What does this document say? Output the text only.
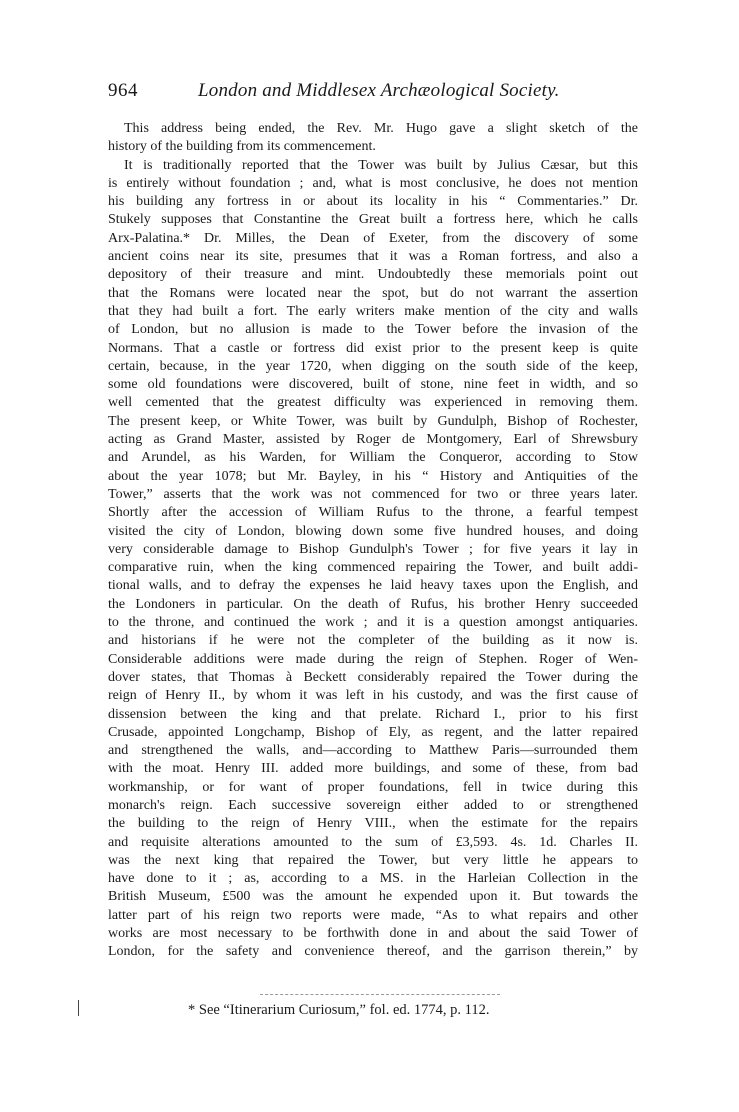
964	London and Middlesex Archæological Society.
This address being ended, the Rev. Mr. Hugo gave a slight sketch of the
history of the building from its commencement.
It is traditionally reported that the Tower was built by Julius Cæsar, but this
is entirely without foundation ; and, what is most conclusive, he does not mention
his building any fortress in or about its locality in his “ Commentaries.” Dr.
Stukely supposes that Constantine the Great built a fortress here, which he calls
Arx-Palatina.* Dr. Milles, the Dean of Exeter, from the discovery of some
ancient coins near its site, presumes that it was a Roman fortress, and also a
depository of their treasure and mint. Undoubtedly these memorials point out
that the Romans were located near the spot, but do not warrant the assertion
that they had built a fort. The early writers make mention of the city and walls
of London, but no allusion is made to the Tower before the invasion of the
Normans. That a castle or fortress did exist prior to the present keep is quite
certain, because, in the year 1720, when digging on the south side of the keep,
some old foundations were discovered, built of stone, nine feet in width, and so
well cemented that the greatest difficulty was experienced in removing them.
The present keep, or White Tower, was built by Gundulph, Bishop of Rochester,
acting as Grand Master, assisted by Roger de Montgomery, Earl of Shrewsbury
and Arundel, as his Warden, for William the Conqueror, according to Stow
about the year 1078; but Mr. Bayley, in his “ History and Antiquities of the
Tower,” asserts that the work was not commenced for two or three years later.
Shortly after the accession of William Rufus to the throne, a fearful tempest
visited the city of London, blowing down some five hundred houses, and doing
very considerable damage to Bishop Gundulph's Tower ; for five years it lay in
comparative ruin, when the king commenced repairing the Tower, and built addi-
tional walls, and to defray the expenses he laid heavy taxes upon the English, and
the Londoners in particular. On the death of Rufus, his brother Henry succeeded
to the throne, and continued the work ; and it is a question amongst antiquaries.
and historians if he were not the completer of the building as it now is.
Considerable additions were made during the reign of Stephen. Roger of Wen-
dover states, that Thomas à Beckett considerably repaired the Tower during the
reign of Henry II., by whom it was left in his custody, and was the first cause of
dissension between the king and that prelate. Richard I., prior to his first
Crusade, appointed Longchamp, Bishop of Ely, as regent, and the latter repaired
and strengthened the walls, and—according to Matthew Paris—surrounded them
with the moat. Henry III. added more buildings, and some of these, from bad
workmanship, or for want of proper foundations, fell in twice during this
monarch's reign. Each successive sovereign either added to or strengthened
the building to the reign of Henry VIII., when the estimate for the repairs
and requisite alterations amounted to the sum of £3,593. 4s. 1d. Charles II.
was the next king that repaired the Tower, but very little he appears to
have done to it ; as, according to a MS. in the Harleian Collection in the
British Museum, £500 was the amount he expended upon it. But towards the
latter part of his reign two reports were made, “As to what repairs and other
works are most necessary to be forthwith done in and about the said Tower of
London, for the safety and convenience thereof, and the garrison therein,” by
* See “Itinerarium Curiosum,” fol. ed. 1774, p. 112.
